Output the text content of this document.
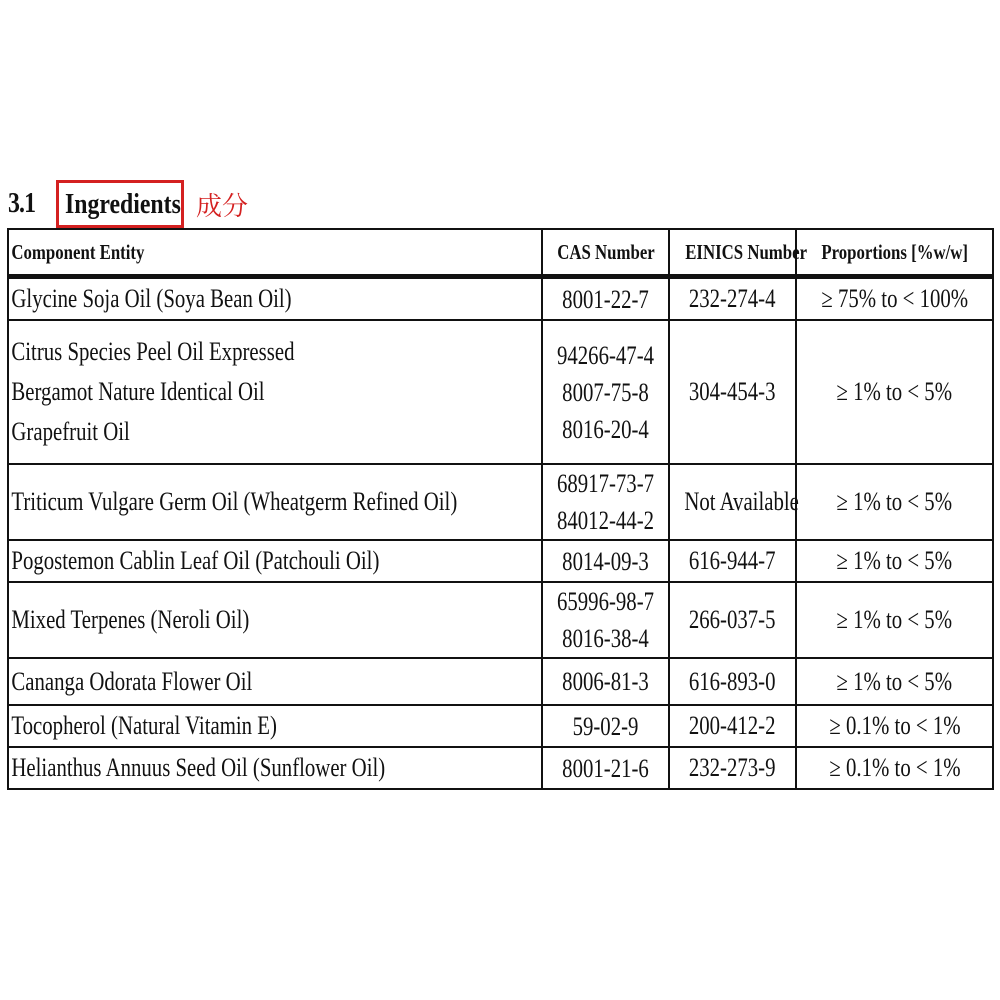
3.1 Ingredients 成分
Component Entity	CAS Number	EINICS Number	Proportions [%w/w]

Glycine Soja Oil (Soya Bean Oil)	8001-22-7	232-274-4	≥ 75% to < 100%

Citrus Species Peel Oil Expressed
Bergamot Nature Identical Oil
Grapefruit Oil	94266-47-4
8007-75-8
8016-20-4	304-454-3	≥ 1% to < 5%

Triticum Vulgare Germ Oil (Wheatgerm Refined Oil)	68917-73-7
84012-44-2	Not Available	≥ 1% to < 5%

Pogostemon Cablin Leaf Oil (Patchouli Oil)	8014-09-3	616-944-7	≥ 1% to < 5%

Mixed Terpenes (Neroli Oil)	65996-98-7
8016-38-4	266-037-5	≥ 1% to < 5%

Cananga Odorata Flower Oil	8006-81-3	616-893-0	≥ 1% to < 5%

Tocopherol (Natural Vitamin E)	59-02-9	200-412-2	≥ 0.1% to < 1%

Helianthus Annuus Seed Oil (Sunflower Oil)	8001-21-6	232-273-9	≥ 0.1% to < 1%
